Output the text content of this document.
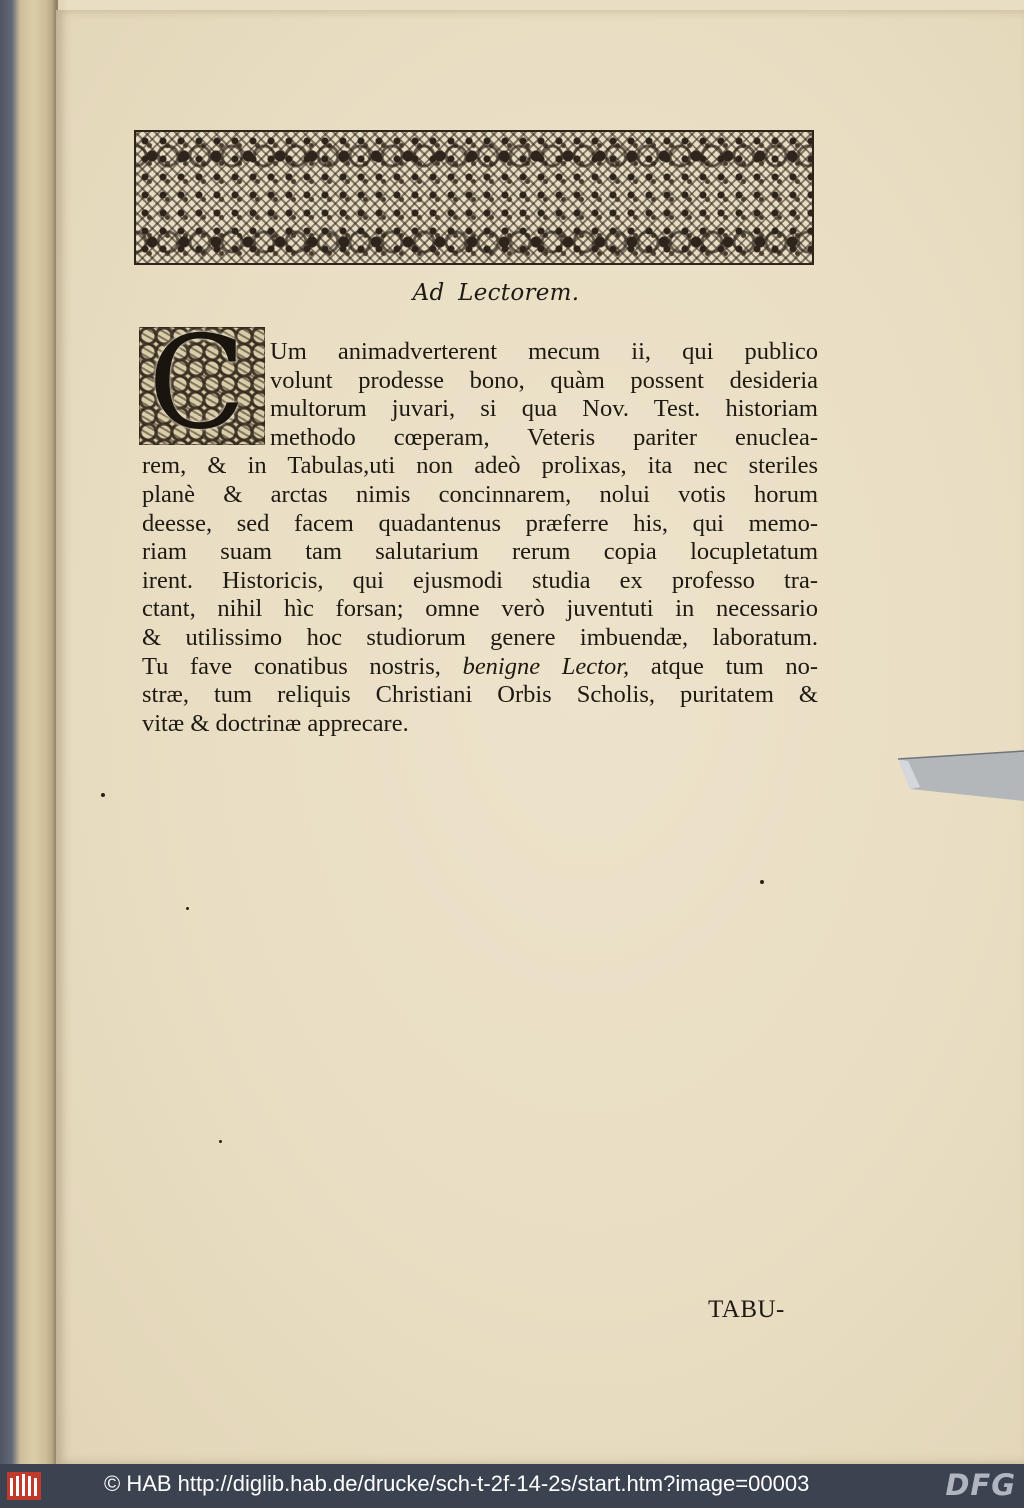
Ad Lectorem.
C Um animadverterent mecum ii, qui publico
volunt prodesse bono, quàm possent desideria
multorum juvari, si qua Nov. Test. historiam
methodo cœperam, Veteris pariter enuclea-
rem, & in Tabulas,uti non adeò prolixas, ita nec steriles
planè & arctas nimis concinnarem, nolui votis horum
deesse, sed facem quadantenus præferre his, qui memo-
riam suam tam salutarium rerum copia locupletatum
irent. Historicis, qui ejusmodi studia ex professo tra-
ctant, nihil hìc forsan; omne verò juventuti in necessario
& utilissimo hoc studiorum genere imbuendæ, laboratum.
Tu fave conatibus nostris, benigne Lector, atque tum no-
stræ, tum reliquis Christiani Orbis Scholis, puritatem &
vitæ & doctrinæ apprecare.
TABU-
© HAB http://diglib.hab.de/drucke/sch-t-2f-14-2s/start.htm?image=00003	DFG
